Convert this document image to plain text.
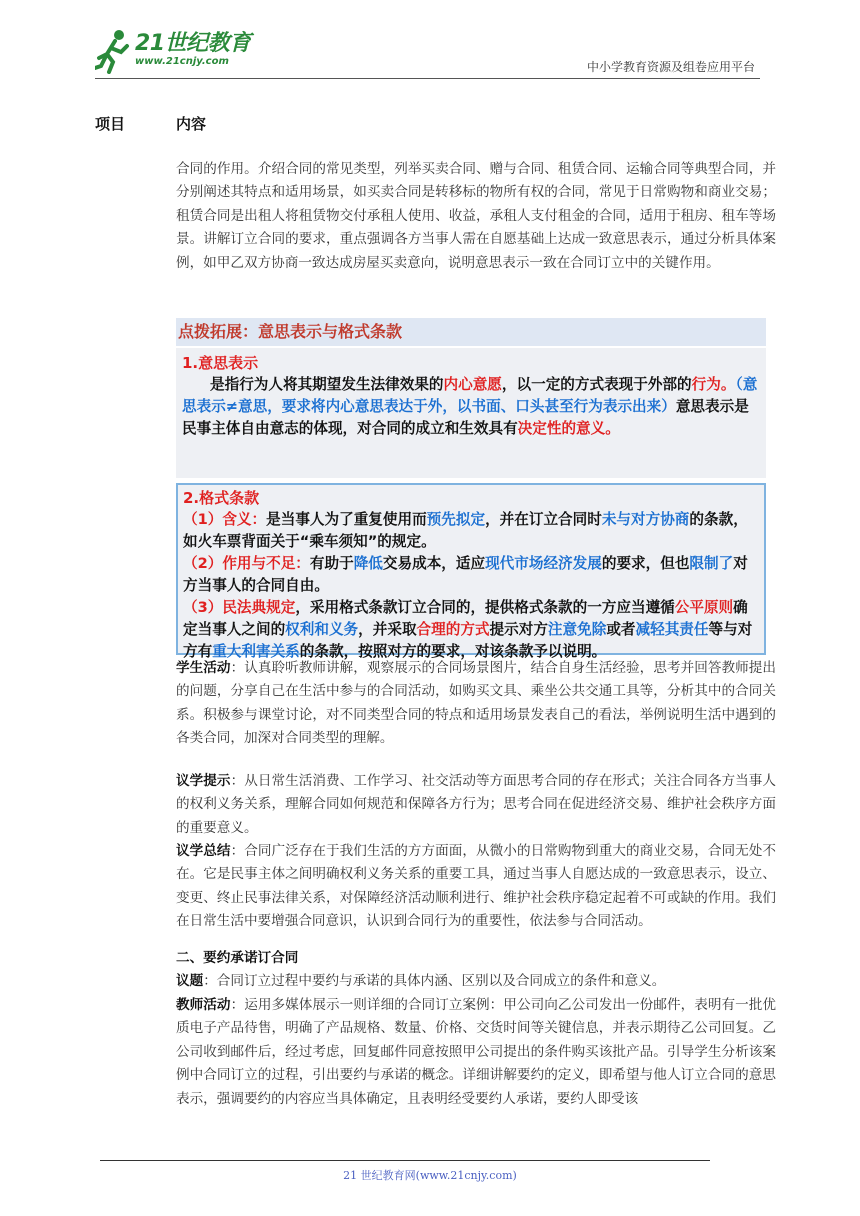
21世纪教育
www.21cnjy.com	中小学教育资源及组卷应用平台
项目	内容
合同的作用。介绍合同的常见类型，列举买卖合同、赠与合同、租赁合同、运输合同等典型合同，并分别阐述其特点和适用场景，如买卖合同是转移标的物所有权的合同，常见于日常购物和商业交易；租赁合同是出租人将租赁物交付承租人使用、收益，承租人支付租金的合同，适用于租房、租车等场景。讲解订立合同的要求，重点强调各方当事人需在自愿基础上达成一致意思表示，通过分析具体案例，如甲乙双方协商一致达成房屋买卖意向，说明意思表示一致在合同订立中的关键作用。
点拨拓展：意思表示与格式条款
1.意思表示
是指行为人将其期望发生法律效果的内心意愿，以一定的方式表现于外部的行为。（意思表示≠意思，要求将内心意思表达于外，以书面、口头甚至行为表示出来）意思表示是民事主体自由意志的体现，对合同的成立和生效具有决定性的意义。
2.格式条款
（1）含义：是当事人为了重复使用而预先拟定，并在订立合同时未与对方协商的条款，如火车票背面关于“乘车须知”的规定。
（2）作用与不足：有助于降低交易成本，适应现代市场经济发展的要求，但也限制了对方当事人的合同自由。
（3）民法典规定，采用格式条款订立合同的，提供格式条款的一方应当遵循公平原则确定当事人之间的权利和义务，并采取合理的方式提示对方注意免除或者减轻其责任等与对方有重大利害关系的条款，按照对方的要求，对该条款予以说明。
学生活动：认真聆听教师讲解，观察展示的合同场景图片，结合自身生活经验，思考并回答教师提出的问题，分享自己在生活中参与的合同活动，如购买文具、乘坐公共交通工具等，分析其中的合同关系。积极参与课堂讨论，对不同类型合同的特点和适用场景发表自己的看法，举例说明生活中遇到的各类合同，加深对合同类型的理解。
议学提示：从日常生活消费、工作学习、社交活动等方面思考合同的存在形式；关注合同各方当事人的权利义务关系，理解合同如何规范和保障各方行为；思考合同在促进经济交易、维护社会秩序方面的重要意义。
议学总结：合同广泛存在于我们生活的方方面面，从微小的日常购物到重大的商业交易，合同无处不在。它是民事主体之间明确权利义务关系的重要工具，通过当事人自愿达成的一致意思表示，设立、变更、终止民事法律关系，对保障经济活动顺利进行、维护社会秩序稳定起着不可或缺的作用。我们在日常生活中要增强合同意识，认识到合同行为的重要性，依法参与合同活动。
二、要约承诺订合同
议题：合同订立过程中要约与承诺的具体内涵、区别以及合同成立的条件和意义。
教师活动：运用多媒体展示一则详细的合同订立案例：甲公司向乙公司发出一份邮件，表明有一批优质电子产品待售，明确了产品规格、数量、价格、交货时间等关键信息，并表示期待乙公司回复。乙公司收到邮件后，经过考虑，回复邮件同意按照甲公司提出的条件购买该批产品。引导学生分析该案例中合同订立的过程，引出要约与承诺的概念。详细讲解要约的定义，即希望与他人订立合同的意思表示，强调要约的内容应当具体确定，且表明经受要约人承诺，要约人即受该
21 世纪教育网(www.21cnjy.com)
